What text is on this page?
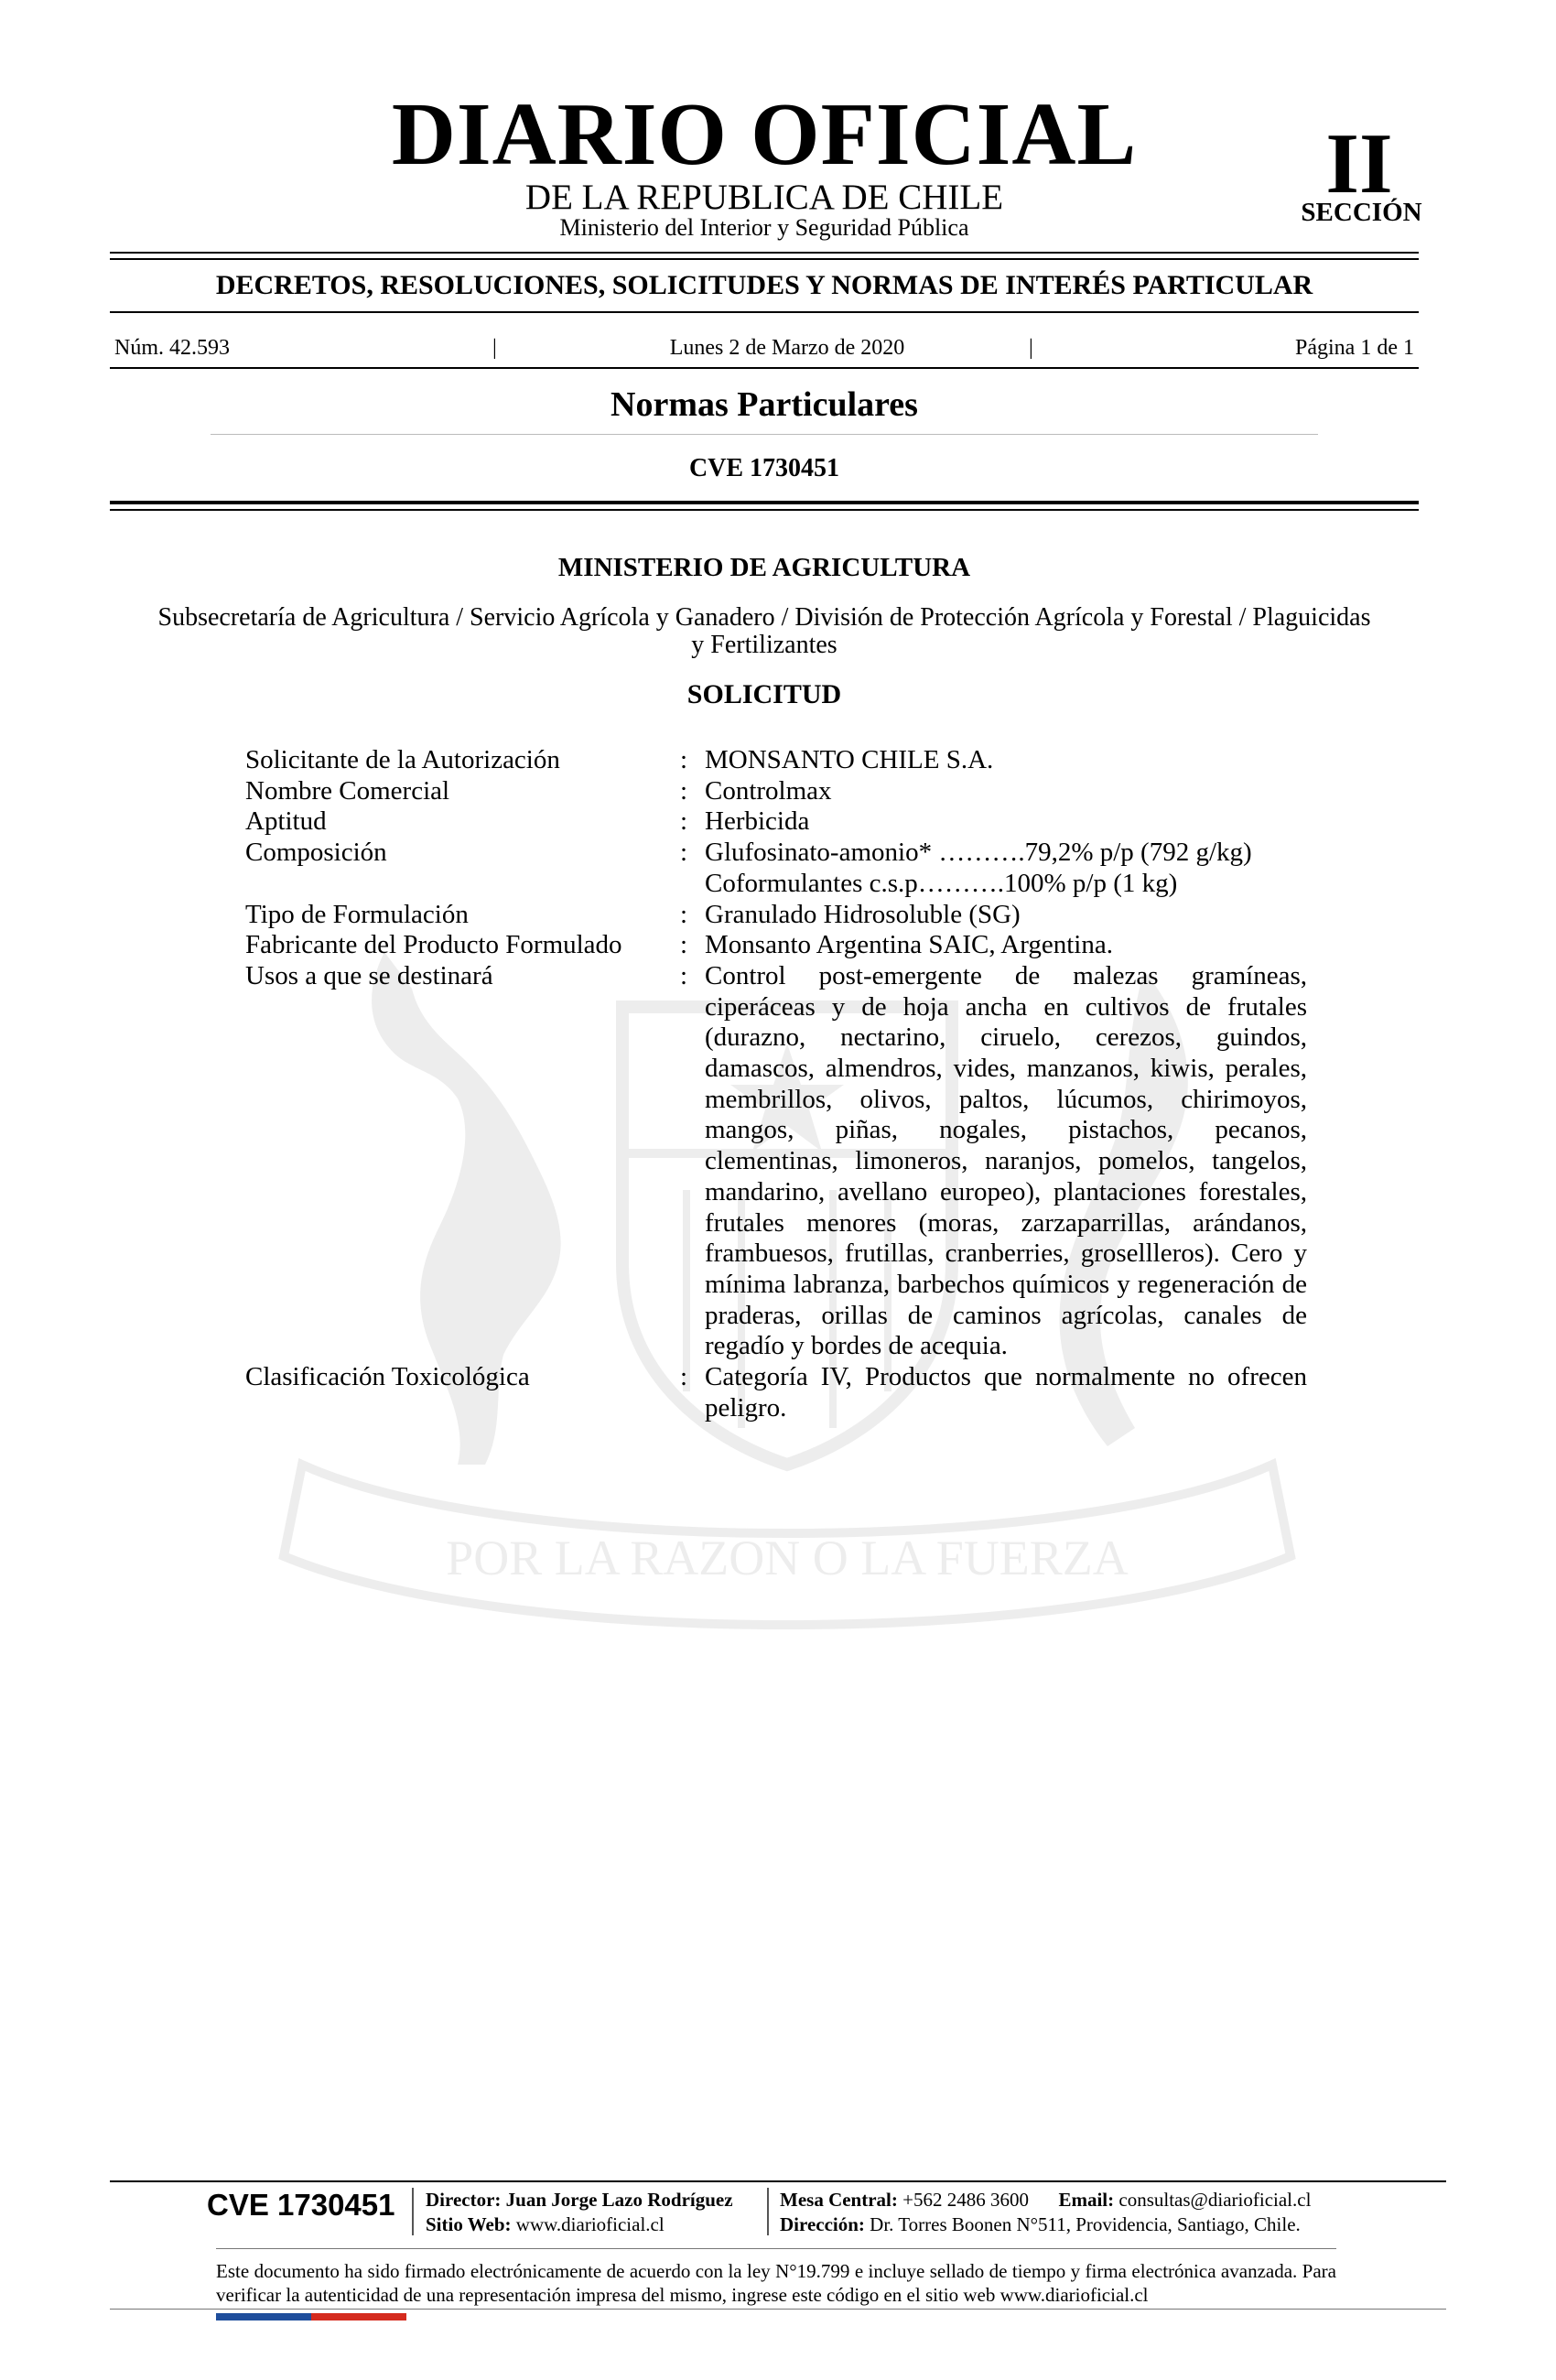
POR LA RAZON O LA FUERZA
DIARIO OFICIAL
DE LA REPUBLICA DE CHILE
Ministerio del Interior y Seguridad Pública
II
SECCIÓN
DECRETOS, RESOLUCIONES, SOLICITUDES Y NORMAS DE INTERÉS PARTICULAR
Núm. 42.593	|	Lunes 2 de Marzo de 2020	|	Página 1 de 1
Normas Particulares
CVE 1730451
MINISTERIO DE AGRICULTURA
Subsecretaría de Agricultura / Servicio Agrícola y Ganadero / División de Protección Agrícola y Forestal / Plaguicidas y Fertilizantes
SOLICITUD
Solicitante de la Autorización	: MONSANTO CHILE S.A.
Nombre Comercial	: Controlmax
Aptitud	: Herbicida
Composición	: Glufosinato-amonio* ……….79,2% p/p (792 g/kg)
Coformulantes c.s.p……….100% p/p (1 kg)
Tipo de Formulación	: Granulado Hidrosoluble (SG)
Fabricante del Producto Formulado	: Monsanto Argentina SAIC, Argentina.
Usos a que se destinará	: Control post-emergente de malezas gramíneas, ciperáceas y de hoja ancha en cultivos de frutales (durazno, nectarino, ciruelo, cerezos, guindos, damascos, almendros, vides, manzanos, kiwis, perales, membrillos, olivos, paltos, lúcumos, chirimoyos, mangos, piñas, nogales, pistachos, pecanos, clementinas, limoneros, naranjos, pomelos, tangelos, mandarino, avellano europeo), plantaciones forestales, frutales menores (moras, zarzaparrillas, arándanos, frambuesos, frutillas, cranberries, grosellleros). Cero y mínima labranza, barbechos químicos y regeneración de praderas, orillas de caminos agrícolas, canales de regadío y bordes de acequia.
Clasificación Toxicológica	: Categoría IV, Productos que normalmente no ofrecen peligro.
CVE 1730451 Director: Juan Jorge Lazo Rodríguez
Sitio Web: www.diarioficial.cl
Mesa Central: +562 2486 3600 Email: consultas@diarioficial.cl
Dirección: Dr. Torres Boonen N°511, Providencia, Santiago, Chile.
Este documento ha sido firmado electrónicamente de acuerdo con la ley N°19.799 e incluye sellado de tiempo y firma electrónica avanzada. Para verificar la autenticidad de una representación impresa del mismo, ingrese este código en el sitio web www.diarioficial.cl
